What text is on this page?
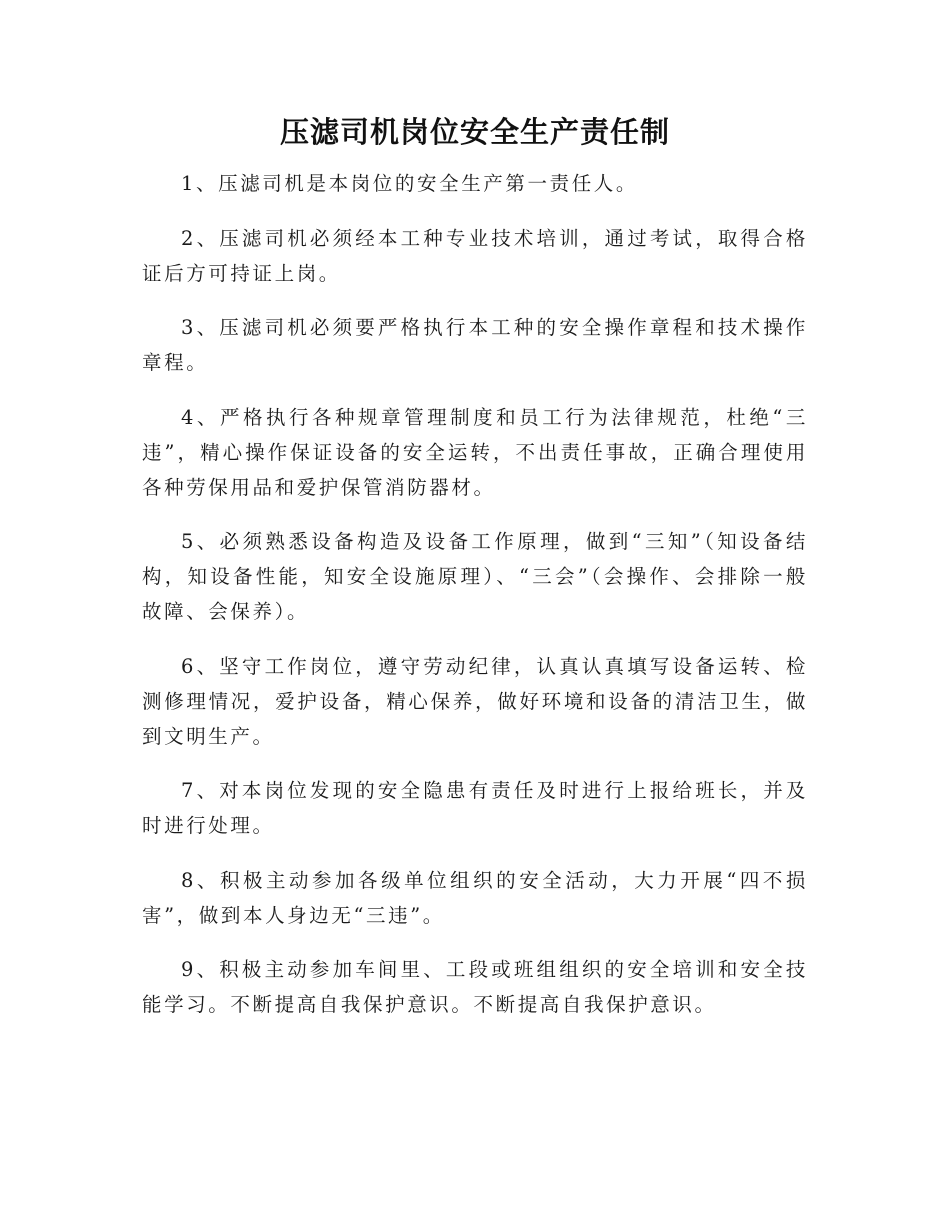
压滤司机岗位安全生产责任制

1、压滤司机是本岗位的安全生产第一责任人。

2、压滤司机必须经本工种专业技术培训，通过考试，取得合格证后方可持证上岗。

3、压滤司机必须要严格执行本工种的安全操作章程和技术操作章程。

4、严格执行各种规章管理制度和员工行为法律规范，杜绝“三违”，精心操作保证设备的安全运转，不出责任事故，正确合理使用各种劳保用品和爱护保管消防器材。

5、必须熟悉设备构造及设备工作原理，做到“三知”（知设备结构，知设备性能，知安全设施原理）、“三会”（会操作、会排除一般故障、会保养）。

6、坚守工作岗位，遵守劳动纪律，认真认真填写设备运转、检测修理情况，爱护设备，精心保养，做好环境和设备的清洁卫生，做到文明生产。

7、对本岗位发现的安全隐患有责任及时进行上报给班长，并及时进行处理。

8、积极主动参加各级单位组织的安全活动，大力开展“四不损害”，做到本人身边无“三违”。

9、积极主动参加车间里、工段或班组组织的安全培训和安全技能学习。不断提高自我保护意识。不断提高自我保护意识。
